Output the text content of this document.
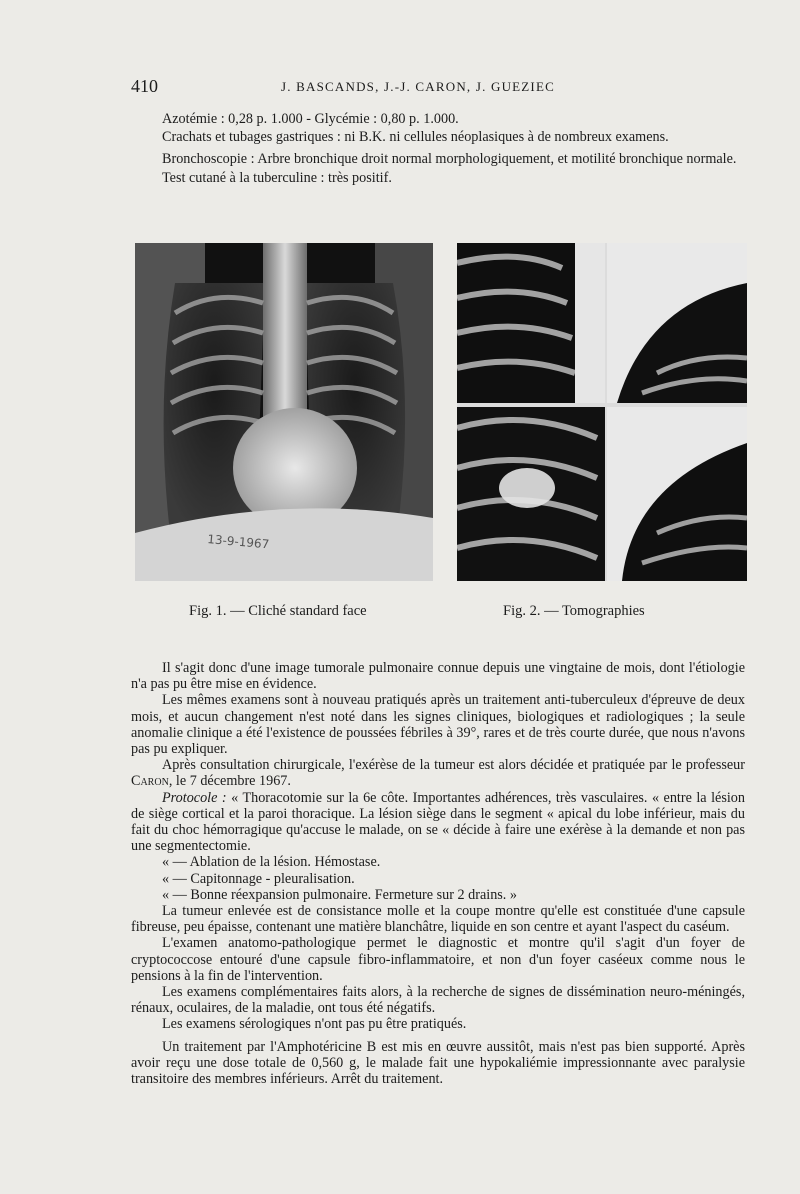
410	J. BASCANDS, J.-J. CARON, J. GUEZIEC

Azotémie : 0,28 p. 1.000 - Glycémie : 0,80 p. 1.000.

Crachats et tubages gastriques : ni B.K. ni cellules néoplasiques à de nombreux examens.

Bronchoscopie : Arbre bronchique droit normal morphologiquement, et motilité bronchique normale.

Test cutané à la tuberculine : très positif.

13-9-1967
Fig. 1. — Cliché standard face	Fig. 2. — Tomographies

Il s'agit donc d'une image tumorale pulmonaire connue depuis une vingtaine de mois, dont l'étiologie n'a pas pu être mise en évidence.

Les mêmes examens sont à nouveau pratiqués après un traitement anti-tuberculeux d'épreuve de deux mois, et aucun changement n'est noté dans les signes cliniques, biologiques et radiologiques ; la seule anomalie clinique a été l'existence de poussées fébriles à 39°, rares et de très courte durée, que nous n'avons pas pu expliquer.

Après consultation chirurgicale, l'exérèse de la tumeur est alors décidée et pratiquée par le professeur Caron, le 7 décembre 1967.

Protocole : « Thoracotomie sur la 6e côte. Importantes adhérences, très vasculaires. « entre la lésion de siège cortical et la paroi thoracique. La lésion siège dans le segment « apical du lobe inférieur, mais du fait du choc hémorragique qu'accuse le malade, on se « décide à faire une exérèse à la demande et non pas une segmentectomie.

« — Ablation de la lésion. Hémostase.

« — Capitonnage - pleuralisation.

« — Bonne réexpansion pulmonaire. Fermeture sur 2 drains. »

La tumeur enlevée est de consistance molle et la coupe montre qu'elle est constituée d'une capsule fibreuse, peu épaisse, contenant une matière blanchâtre, liquide en son centre et ayant l'aspect du caséum.

L'examen anatomo-pathologique permet le diagnostic et montre qu'il s'agit d'un foyer de cryptococcose entouré d'une capsule fibro-inflammatoire, et non d'un foyer caséeux comme nous le pensions à la fin de l'intervention.

Les examens complémentaires faits alors, à la recherche de signes de dissémination neuro-méningés, rénaux, oculaires, de la maladie, ont tous été négatifs.

Les examens sérologiques n'ont pas pu être pratiqués.

Un traitement par l'Amphotéricine B est mis en œuvre aussitôt, mais n'est pas bien supporté. Après avoir reçu une dose totale de 0,560 g, le malade fait une hypokaliémie impressionnante avec paralysie transitoire des membres inférieurs. Arrêt du traitement.
